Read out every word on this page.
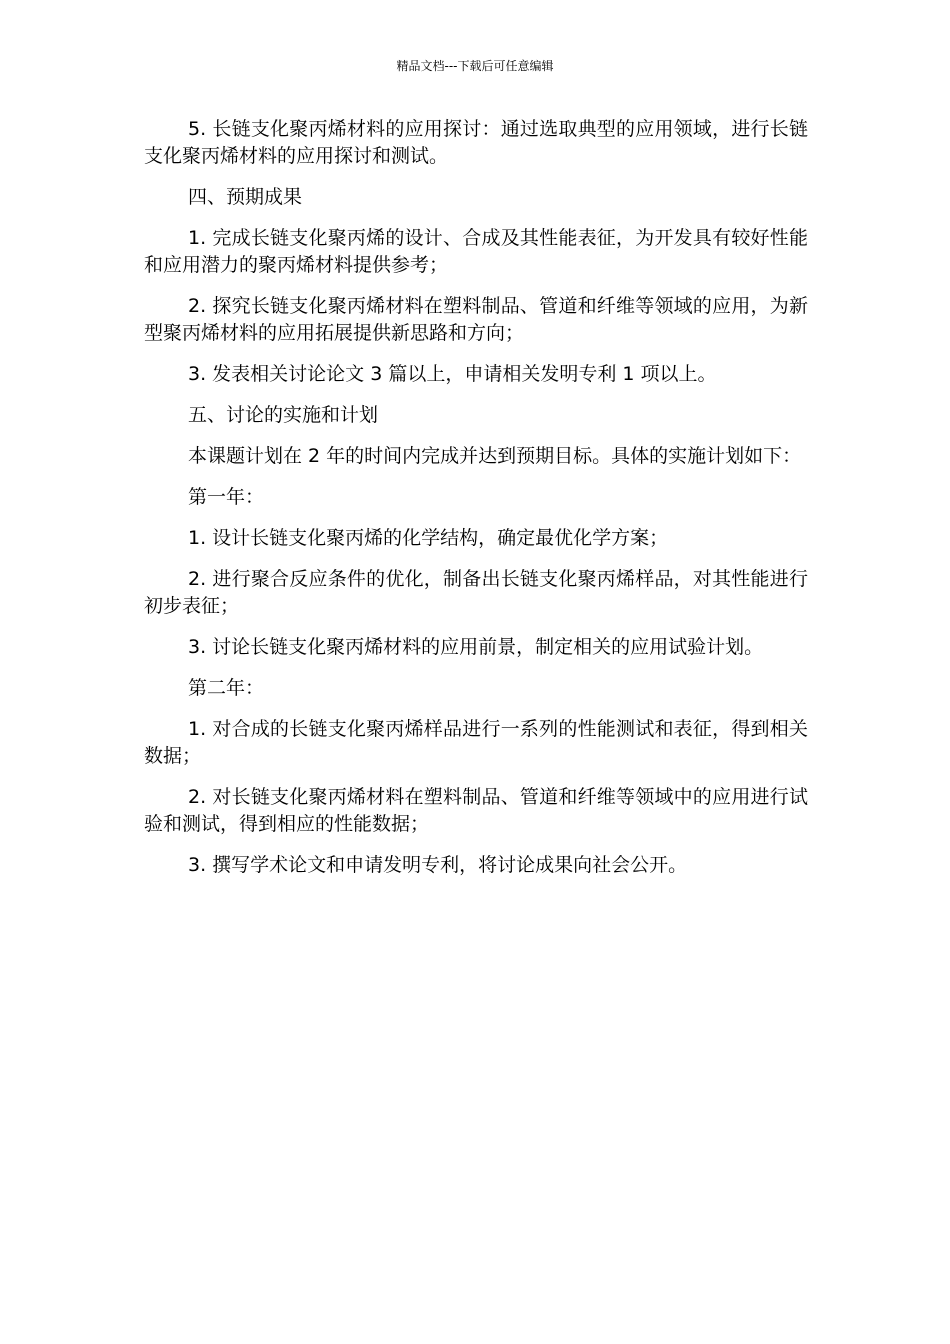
精品文档---下载后可任意编辑

5. 长链支化聚丙烯材料的应用探讨：通过选取典型的应用领域，进行长链支化聚丙烯材料的应用探讨和测试。

四、预期成果

1. 完成长链支化聚丙烯的设计、合成及其性能表征，为开发具有较好性能和应用潜力的聚丙烯材料提供参考；

2. 探究长链支化聚丙烯材料在塑料制品、管道和纤维等领域的应用，为新型聚丙烯材料的应用拓展提供新思路和方向；

3. 发表相关讨论论文 3 篇以上，申请相关发明专利 1 项以上。

五、讨论的实施和计划

本课题计划在 2 年的时间内完成并达到预期目标。具体的实施计划如下：

第一年：

1. 设计长链支化聚丙烯的化学结构，确定最优化学方案；

2. 进行聚合反应条件的优化，制备出长链支化聚丙烯样品，对其性能进行初步表征；

3. 讨论长链支化聚丙烯材料的应用前景，制定相关的应用试验计划。

第二年：

1. 对合成的长链支化聚丙烯样品进行一系列的性能测试和表征，得到相关数据；

2. 对长链支化聚丙烯材料在塑料制品、管道和纤维等领域中的应用进行试验和测试，得到相应的性能数据；

3. 撰写学术论文和申请发明专利，将讨论成果向社会公开。
